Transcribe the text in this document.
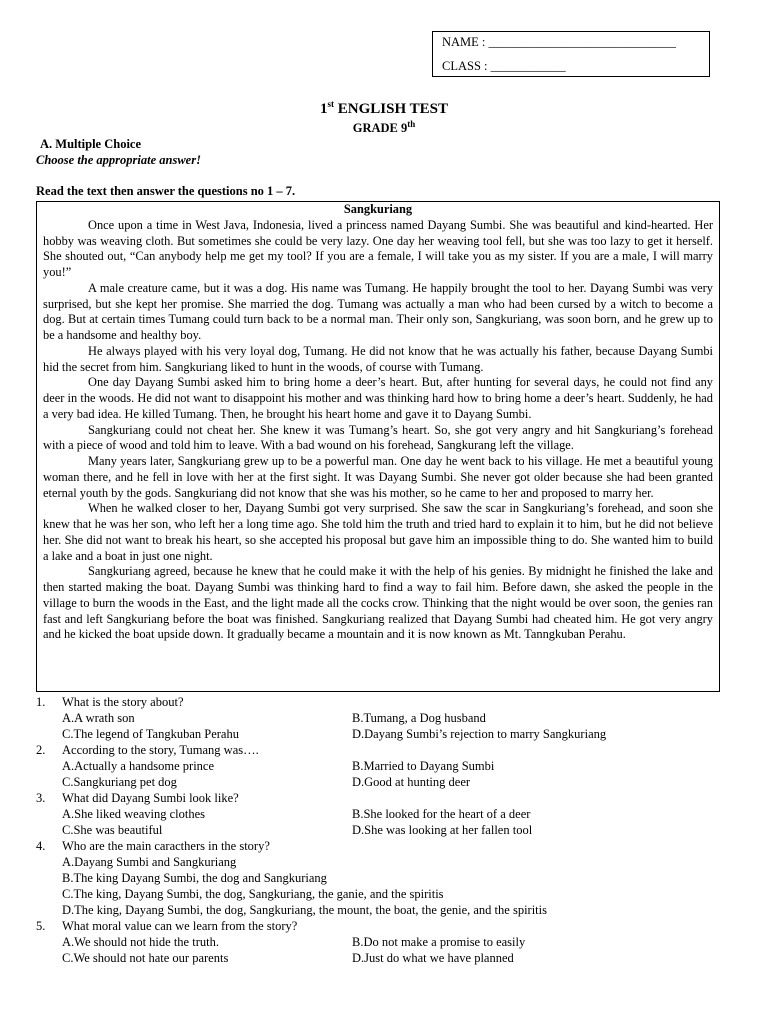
NAME : ______________________________
CLASS : ____________
1st ENGLISH TEST
GRADE 9th
A. Multiple Choice
Choose the appropriate answer!
Read the text then answer the questions no 1 – 7.
Sangkuriang

Once upon a time in West Java, Indonesia, lived a princess named Dayang Sumbi. She was beautiful and kind-hearted. Her hobby was weaving cloth. But sometimes she could be very lazy. One day her weaving tool fell, but she was too lazy to get it herself. She shouted out, “Can anybody help me get my tool? If you are a female, I will take you as my sister. If you are a male, I will marry you!”

A male creature came, but it was a dog. His name was Tumang. He happily brought the tool to her. Dayang Sumbi was very surprised, but she kept her promise. She married the dog. Tumang was actually a man who had been cursed by a witch to become a dog. But at certain times Tumang could turn back to be a normal man. Their only son, Sangkuriang, was soon born, and he grew up to be a handsome and healthy boy.

He always played with his very loyal dog, Tumang. He did not know that he was actually his father, because Dayang Sumbi hid the secret from him. Sangkuriang liked to hunt in the woods, of course with Tumang.

One day Dayang Sumbi asked him to bring home a deer’s heart. But, after hunting for several days, he could not find any deer in the woods. He did not want to disappoint his mother and was thinking hard how to bring home a deer’s heart. Suddenly, he had a very bad idea. He killed Tumang. Then, he brought his heart home and gave it to Dayang Sumbi.

Sangkuriang could not cheat her. She knew it was Tumang’s heart. So, she got very angry and hit Sangkuriang’s forehead with a piece of wood and told him to leave. With a bad wound on his forehead, Sangkurang left the village.

Many years later, Sangkuriang grew up to be a powerful man. One day he went back to his village. He met a beautiful young woman there, and he fell in love with her at the first sight. It was Dayang Sumbi. She never got older because she had been granted eternal youth by the gods. Sangkuriang did not know that she was his mother, so he came to her and proposed to marry her.

When he walked closer to her, Dayang Sumbi got very surprised. She saw the scar in Sangkuriang’s forehead, and soon she knew that he was her son, who left her a long time ago. She told him the truth and tried hard to explain it to him, but he did not believe her. She did not want to break his heart, so she accepted his proposal but gave him an impossible thing to do. She wanted him to build a lake and a boat in just one night.

Sangkuriang agreed, because he knew that he could make it with the help of his genies. By midnight he finished the lake and then started making the boat. Dayang Sumbi was thinking hard to find a way to fail him. Before dawn, she asked the people in the village to burn the woods in the East, and the light made all the cocks crow. Thinking that the night would be over soon, the genies ran fast and left Sangkuriang before the boat was finished. Sangkuriang realized that Dayang Sumbi had cheated him. He got very angry and he kicked the boat upside down. It gradually became a mountain and it is now known as Mt. Tanngkuban Perahu.

1. What is the story about?
A.A wrath son	B.Tumang, a Dog husband
C.The legend of Tangkuban Perahu	D.Dayang Sumbi’s rejection to marry Sangkuriang
2. According to the story, Tumang was….
A.Actually a handsome prince	B.Married to Dayang Sumbi
C.Sangkuriang pet dog	D.Good at hunting deer
3. What did Dayang Sumbi look like?
A.She liked weaving clothes	B.She looked for the heart of a deer
C.She was beautiful	D.She was looking at her fallen tool
4. Who are the main caracthers in the story?
A.Dayang Sumbi and Sangkuriang
B.The king Dayang Sumbi, the dog and Sangkuriang
C.The king, Dayang Sumbi, the dog, Sangkuriang, the ganie, and the spiritis
D.The king, Dayang Sumbi, the dog, Sangkuriang, the mount, the boat, the genie, and the spiritis
5. What moral value can we learn from the story?
A.We should not hide the truth.	B.Do not make a promise to easily
C.We should not hate our parents	D.Just do what we have planned
